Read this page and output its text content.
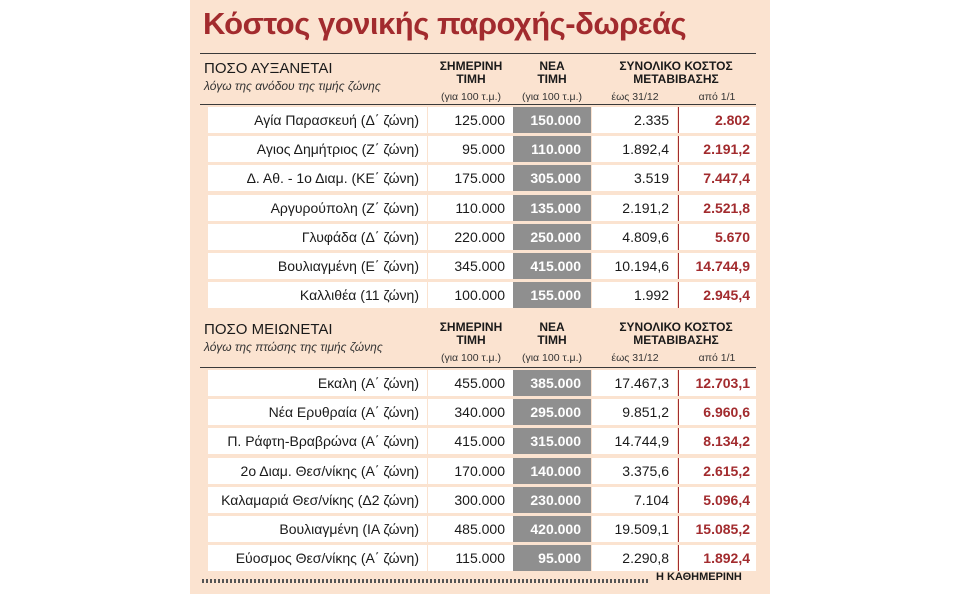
Κόστος γονικής παροχής-δωρεάς
ΠΟΣΟ ΑΥΞΑΝΕΤΑΙ
λόγω της ανόδου της τιμής ζώνης
ΣΗΜΕΡΙΝΗ
ΤΙΜΗ
ΝΕΑ
ΤΙΜΗ
ΣΥΝΟΛΙΚΟ ΚΟΣΤΟΣ
ΜΕΤΑΒΙΒΑΣΗΣ
(για 100 τ.μ.)	(για 100 τ.μ.)	έως 31/12	από 1/1
Αγία Παρασκευή (Δ΄ ζώνη)	125.000	150.000	2.335	2.802
Αγιος Δημήτριος (Ζ΄ ζώνη)	95.000	110.000	1.892,4	2.191,2
Δ. Αθ. - 1ο Διαμ. (ΚΕ΄ ζώνη)	175.000	305.000	3.519	7.447,4
Αργυρούπολη (Ζ΄ ζώνη)	110.000	135.000	2.191,2	2.521,8
Γλυφάδα (Δ΄ ζώνη)	220.000	250.000	4.809,6	5.670
Βουλιαγμένη (Ε΄ ζώνη)	345.000	415.000	10.194,6	14.744,9
Καλλιθέα (11 ζώνη)	100.000	155.000	1.992	2.945,4
ΠΟΣΟ ΜΕΙΩΝΕΤΑΙ
λόγω της πτώσης της τιμής ζώνης
ΣΗΜΕΡΙΝΗ
ΤΙΜΗ
ΝΕΑ
ΤΙΜΗ
ΣΥΝΟΛΙΚΟ ΚΟΣΤΟΣ
ΜΕΤΑΒΙΒΑΣΗΣ
(για 100 τ.μ.)	(για 100 τ.μ.)	έως 31/12	από 1/1
Εκαλη (Α΄ ζώνη)	455.000	385.000	17.467,3	12.703,1
Νέα Ερυθραία (Α΄ ζώνη)	340.000	295.000	9.851,2	6.960,6
Π. Ράφτη-Βραβρώνα (Α΄ ζώνη)	415.000	315.000	14.744,9	8.134,2
2ο Διαμ. Θεσ/νίκης (Α΄ ζώνη)	170.000	140.000	3.375,6	2.615,2
Καλαμαριά Θεσ/νίκης (Δ2 ζώνη)	300.000	230.000	7.104	5.096,4
Βουλιαγμένη (ΙΑ ζώνη)	485.000	420.000	19.509,1	15.085,2
Εύοσμος Θεσ/νίκης (Α΄ ζώνη)	115.000	95.000	2.290,8	1.892,4
Η ΚΑΘΗΜΕΡΙΝΗ
